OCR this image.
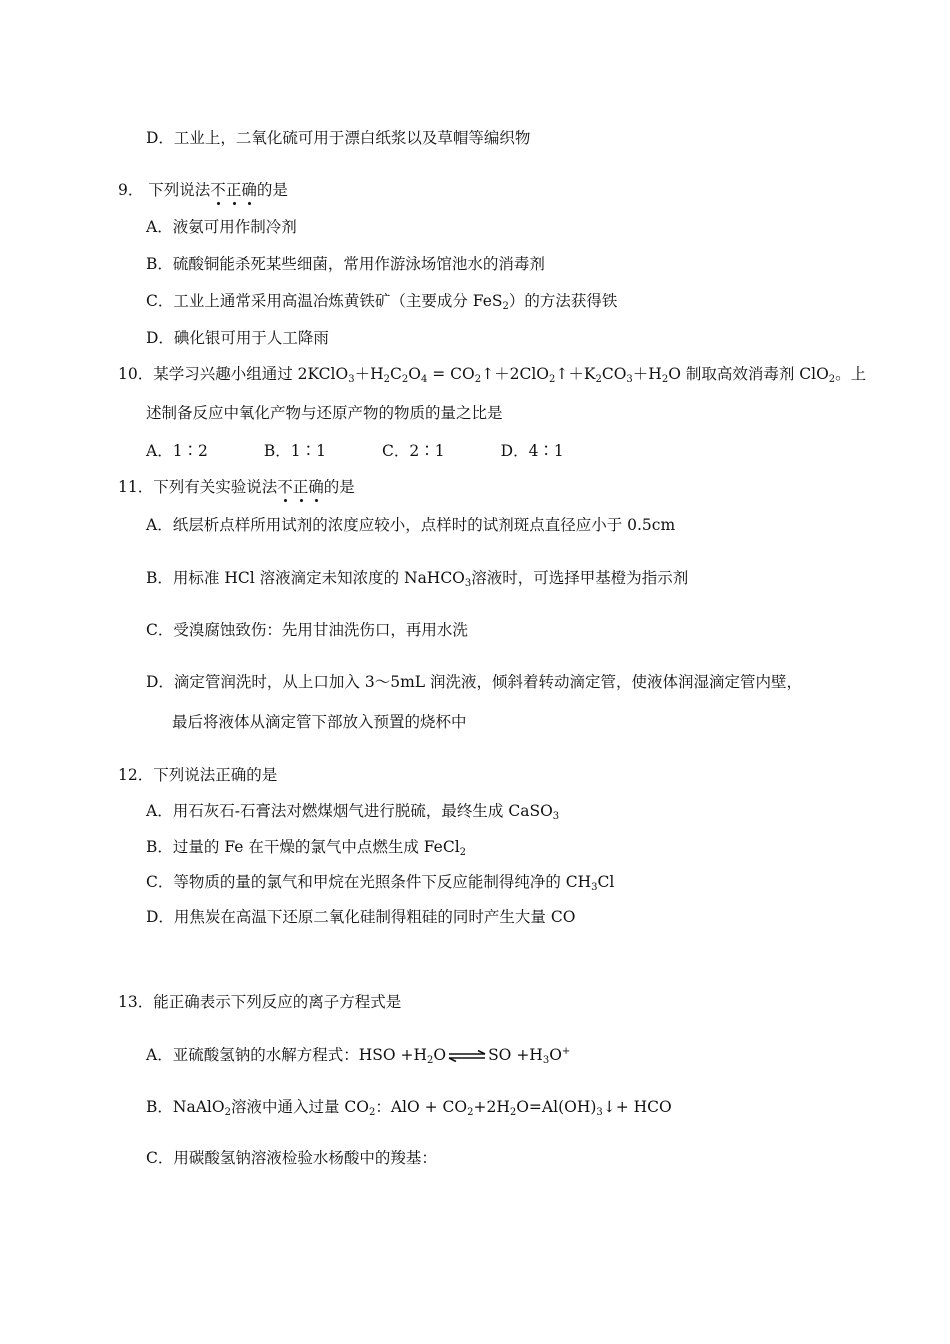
D．工业上，二氧化硫可用于漂白纸浆以及草帽等编织物
9． 下列说法不正确的是
A．液氨可用作制冷剂
B．硫酸铜能杀死某些细菌，常用作游泳场馆池水的消毒剂
C．工业上通常采用高温冶炼黄铁矿（主要成分 FeS$_2$）的方法获得铁
D．碘化银可用于人工降雨
10．某学习兴趣小组通过 $2KClO_3+H_2C_2O_4$ = $CO_2↑+2ClO_2↑+K_2CO_3+H_2O$ 制取高效消毒剂 ClO$_2$。上
述制备反应中氧化产物与还原产物的物质的量之比是
A．1∶2	B．1∶1	C．2∶1	D．4∶1
11．下列有关实验说法不正确的是
A．纸层析点样所用试剂的浓度应较小，点样时的试剂斑点直径应小于 0.5cm
B．用标准 HCl 溶液滴定未知浓度的 NaHCO$_3$溶液时，可选择甲基橙为指示剂
C．受溴腐蚀致伤：先用甘油洗伤口，再用水洗
D．滴定管润洗时，从上口加入 3～5mL 润洗液，倾斜着转动滴定管，使液体润湿滴定管内壁，
最后将液体从滴定管下部放入预置的烧杯中
12．下列说法正确的是
A．用石灰石-石膏法对燃煤烟气进行脱硫，最终生成 CaSO$_3$
B．过量的 Fe 在干燥的氯气中点燃生成 FeCl$_2$
C．等物质的量的氯气和甲烷在光照条件下反应能制得纯净的 $CH_3Cl$
D．用焦炭在高温下还原二氧化硅制得粗硅的同时产生大量 CO
13．能正确表示下列反应的离子方程式是
A．亚硫酸氢钠的水解方程式：HSO $+H_2O$ ⇌ SO $+H_3O^+$
B．NaAlO$_2$溶液中通入过量 $CO_2$：AlO + $CO_2+2H_2O=Al(OH)_3↓+$ HCO
C．用碳酸氢钠溶液检验水杨酸中的羧基：
